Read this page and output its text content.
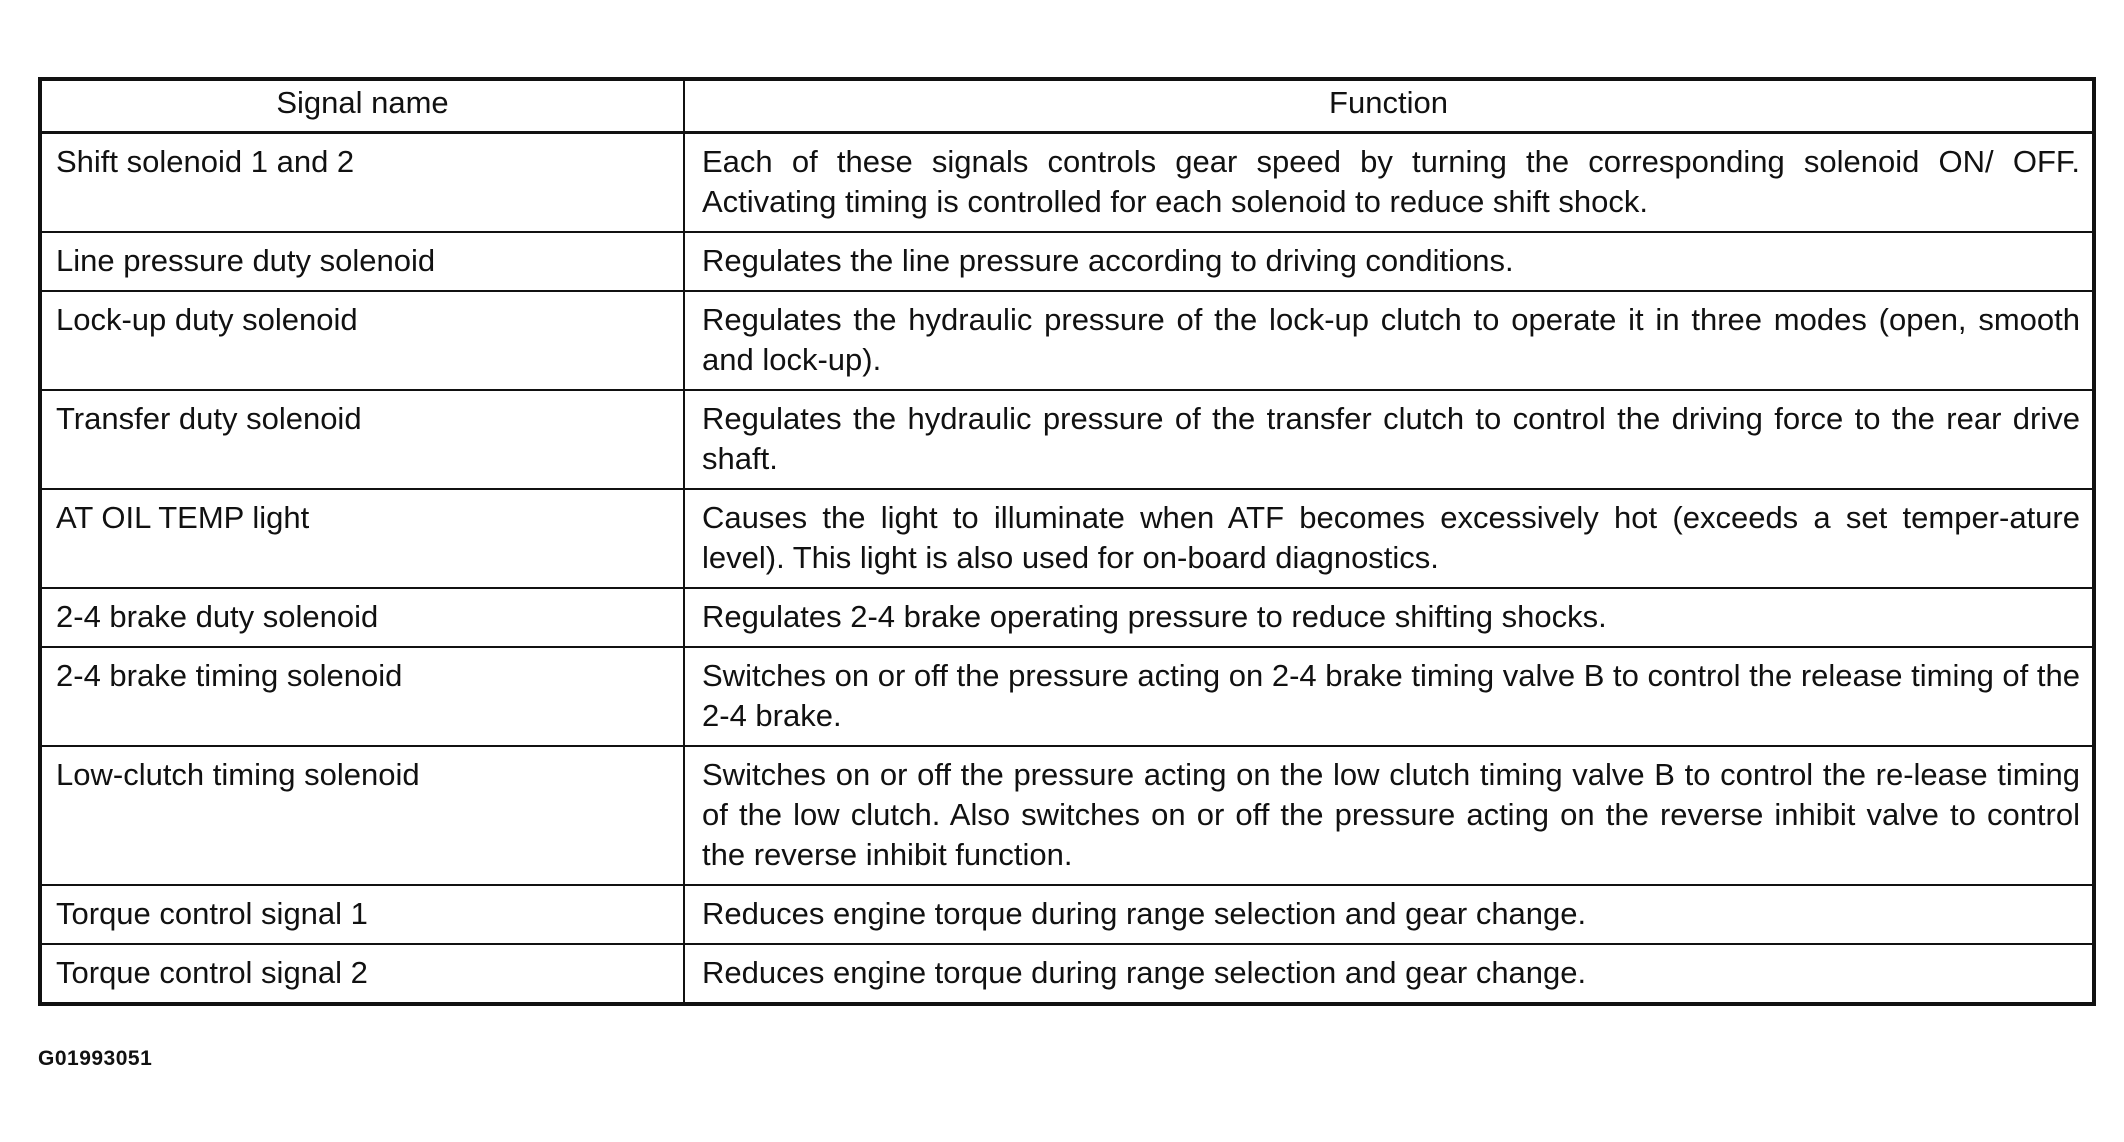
Signal name	Function
Shift solenoid 1 and 2	Each of these signals controls gear speed by turning the corresponding solenoid ON/ OFF. Activating timing is controlled for each solenoid to reduce shift shock.
Line pressure duty solenoid	Regulates the line pressure according to driving conditions.
Lock-up duty solenoid	Regulates the hydraulic pressure of the lock-up clutch to operate it in three modes (open, smooth and lock-up).
Transfer duty solenoid	Regulates the hydraulic pressure of the transfer clutch to control the driving force to the rear drive shaft.
AT OIL TEMP light	Causes the light to illuminate when ATF becomes excessively hot (exceeds a set temper-ature level). This light is also used for on-board diagnostics.
2-4 brake duty solenoid	Regulates 2-4 brake operating pressure to reduce shifting shocks.
2-4 brake timing solenoid	Switches on or off the pressure acting on 2-4 brake timing valve B to control the release timing of the 2-4 brake.
Low-clutch timing solenoid	Switches on or off the pressure acting on the low clutch timing valve B to control the re-lease timing of the low clutch. Also switches on or off the pressure acting on the reverse inhibit valve to control the reverse inhibit function.
Torque control signal 1	Reduces engine torque during range selection and gear change.
Torque control signal 2	Reduces engine torque during range selection and gear change.
G01993051
